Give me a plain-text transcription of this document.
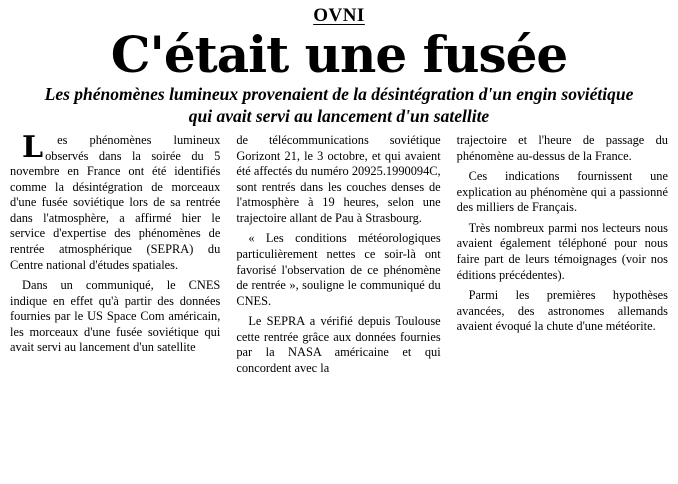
OVNI
C'était une fusée
Les phénomènes lumineux provenaient de la désintégration d'un engin soviétique qui avait servi au lancement d'un satellite

L es phénomènes lumineux observés dans la soirée du 5 novembre en France ont été identifiés comme la désintégration de morceaux d'une fusée soviétique lors de sa rentrée dans l'atmosphère, a affirmé hier le service d'expertise des phénomènes de rentrée atmosphérique (SEPRA) du Centre national d'études spatiales.

Dans un communiqué, le CNES indique en effet qu'à partir des données fournies par le US Space Com américain, les morceaux d'une fusée soviétique qui avait servi au lancement d'un satellite

de télécommunications soviétique Gorizont 21, le 3 octobre, et qui avaient été affectés du numéro 20925.1990094C, sont rentrés dans les couches denses de l'atmosphère à 19 heures, selon une trajectoire allant de Pau à Strasbourg.

« Les conditions météorologiques particulièrement nettes ce soir-là ont favorisé l'observation de ce phénomène de rentrée », souligne le communiqué du CNES.

Le SEPRA a vérifié depuis Toulouse cette rentrée grâce aux données fournies par la NASA américaine et qui concordent avec la

trajectoire et l'heure de passage du phénomène au-dessus de la France.

Ces indications fournissent une explication au phénomène qui a passionné des milliers de Français.

Très nombreux parmi nos lecteurs nous avaient également téléphoné pour nous faire part de leurs témoignages (voir nos éditions précédentes).

Parmi les premières hypothèses avancées, des astronomes allemands avaient évoqué la chute d'une météorite.
